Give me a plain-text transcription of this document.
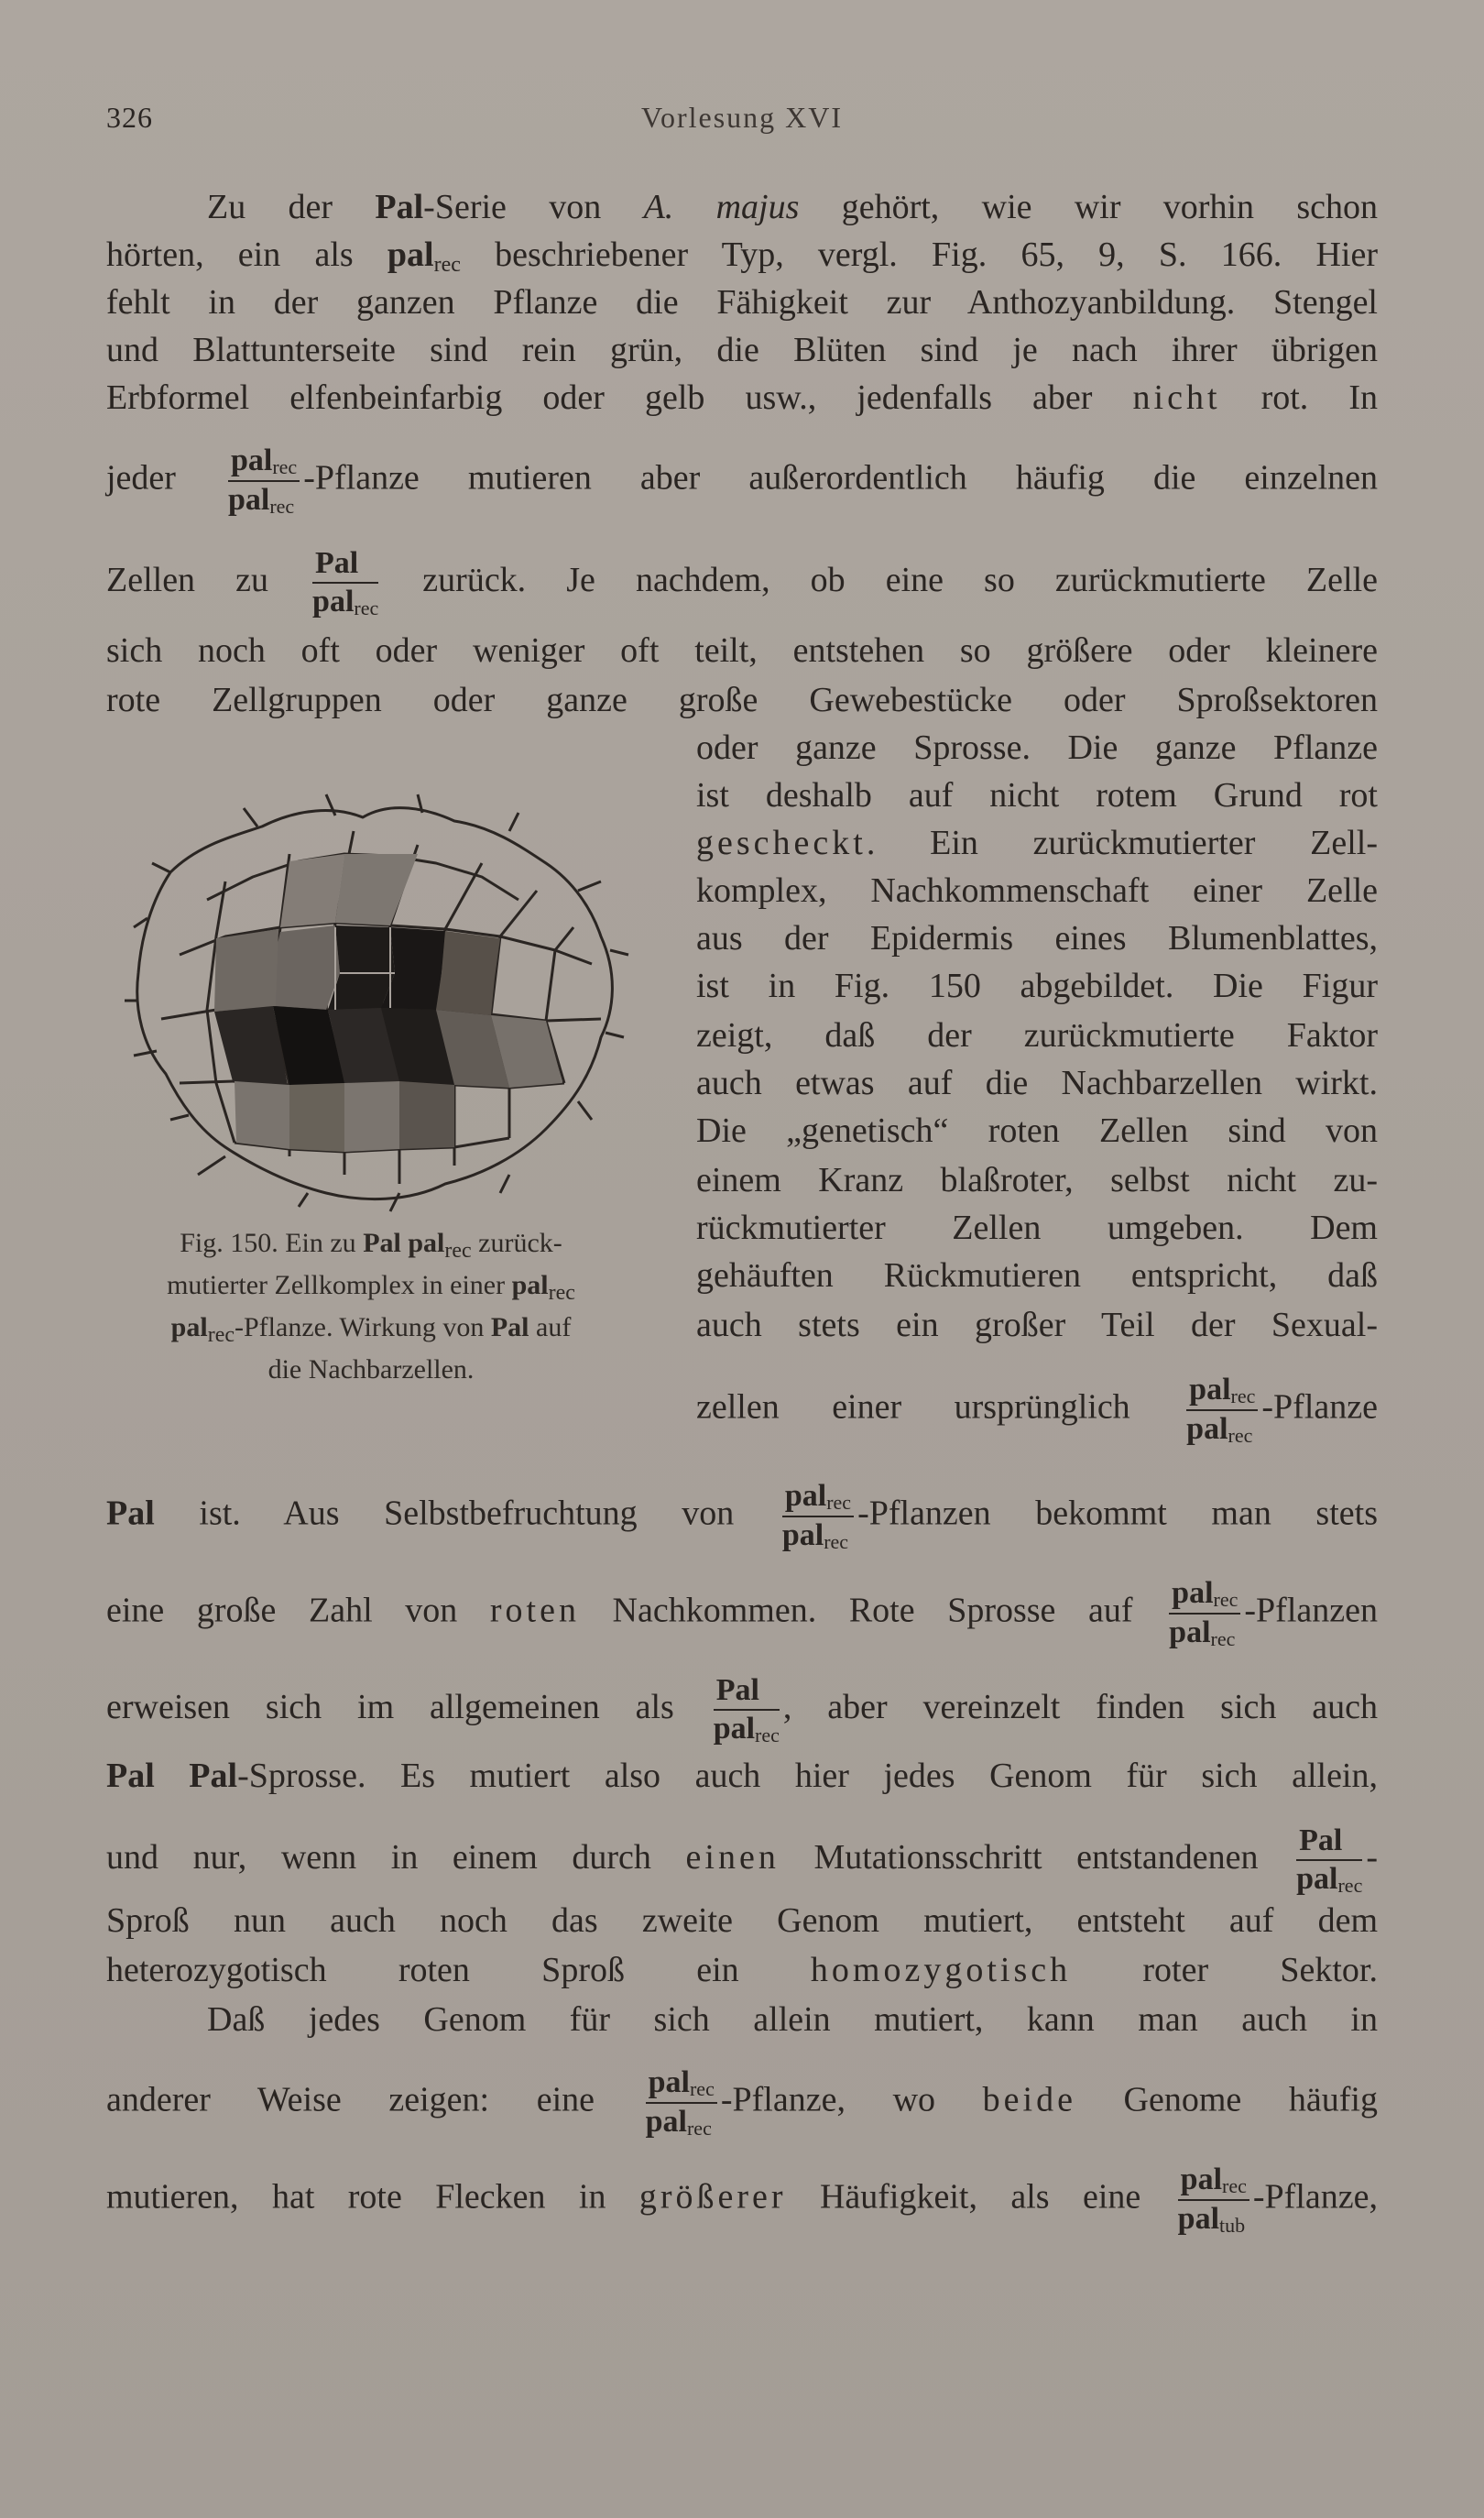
326	Vorlesung XVI
Zu der Pal-Serie von A. majus gehört, wie wir vorhin schon
hörten, ein als pal$_{rec}$ beschriebener Typ, vergl. Fig. 65, 9, S. 166. Hier
fehlt in der ganzen Pflanze die Fähigkeit zur Anthozyanbildung. Stengel
und Blattunterseite sind rein grün, die Blüten sind je nach ihrer übrigen
Erbformel elfenbeinfarbig oder gelb usw., jedenfalls aber nicht rot. In
jeder $\frac{\text{palrec}}{\text{palrec}}$ -Pflanze mutieren aber außerordentlich häufig die einzelnen
Zellen zu $\frac{\text{Pal}}{\text{palrec}}$ zurück. Je nachdem, ob eine so zurückmutierte Zelle
sich noch oft oder weniger oft teilt, entstehen so größere oder kleinere
rote Zellgruppen oder ganze große Gewebestücke oder Sproßsektoren
oder ganze Sprosse. Die ganze Pflanze
ist deshalb auf nicht rotem Grund rot
gescheckt. Ein zurückmutierter Zell-
komplex, Nachkommenschaft einer Zelle
aus der Epidermis eines Blumenblattes,
ist in Fig. 150 abgebildet. Die Figur
zeigt, daß der zurückmutierte Faktor
auch etwas auf die Nachbarzellen wirkt.
Die „genetisch“ roten Zellen sind von
einem Kranz blaßroter, selbst nicht zu-
rückmutierter Zellen umgeben. Dem
gehäuften Rückmutieren entspricht, daß
auch stets ein großer Teil der Sexual-
zellen einer ursprünglich $\frac{\text{palrec}}{\text{palrec}}$ -Pflanze
Fig. 150. Ein zu Pal pal$_{rec}$ zurück-
mutierter Zellkomplex in einer pal$_{rec}$
pal$_{rec}$-Pflanze. Wirkung von Pal auf
die Nachbarzellen.
Pal ist. Aus Selbstbefruchtung von $\frac{\text{palrec}}{\text{palrec}}$ -Pflanzen bekommt man stets
eine große Zahl von roten Nachkommen. Rote Sprosse auf $\frac{\text{palrec}}{\text{palrec}}$ -Pflanzen
erweisen sich im allgemeinen als $\frac{\text{Pal}}{\text{palrec}}$ , aber vereinzelt finden sich auch
Pal Pal-Sprosse. Es mutiert also auch hier jedes Genom für sich allein,
und nur, wenn in einem durch einen Mutationsschritt entstandenen $\frac{\text{Pal}}{\text{palrec}}$ -
Sproß nun auch noch das zweite Genom mutiert, entsteht auf dem
heterozygotisch roten Sproß ein homozygotisch roter Sektor.
Daß jedes Genom für sich allein mutiert, kann man auch in
anderer Weise zeigen: eine $\frac{\text{palrec}}{\text{palrec}}$ -Pflanze, wo beide Genome häufig
mutieren, hat rote Flecken in größerer Häufigkeit, als eine $\frac{\text{palrec}}{\text{paltub}}$ -Pflanze,
